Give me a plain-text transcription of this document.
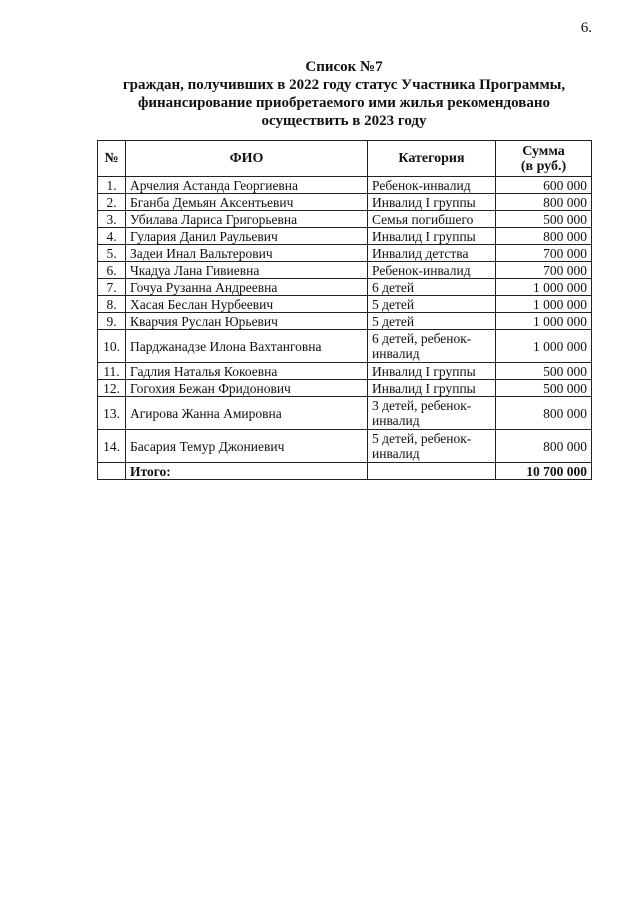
6.
Список №7
граждан, получивших в 2022 году статус Участника Программы,
финансирование приобретаемого ими жилья рекомендовано
осуществить в 2023 году
№	ФИО	Категория	Сумма
(в руб.)

1.	Арчелия Астанда Георгиевна	Ребенок-инвалид	600 000
2.	Бганба Демьян Аксентьевич	Инвалид I группы	800 000
3.	Убилава Лариса Григорьевна	Семья погибшего	500 000
4.	Гулария Данил Раульевич	Инвалид I группы	800 000
5.	Задеи Инал Вальтерович	Инвалид детства	700 000
6.	Чкадуа Лана Гивиевна	Ребенок-инвалид	700 000
7.	Гочуа Рузанна Андреевна	6 детей	1 000 000
8.	Хасая Беслан Нурбеевич	5 детей	1 000 000
9.	Кварчия Руслан Юрьевич	5 детей	1 000 000
10.	Парджанадзе Илона Вахтанговна	6 детей, ребенок-инвалид	1 000 000
11.	Гадлия Наталья Кокоевна	Инвалид I группы	500 000
12.	Гогохия Бежан Фридонович	Инвалид I группы	500 000
13.	Агирова Жанна Амировна	3 детей, ребенок-инвалид	800 000
14.	Басария Темур Джониевич	5 детей, ребенок-инвалид	800 000
	Итого:		10 700 000
